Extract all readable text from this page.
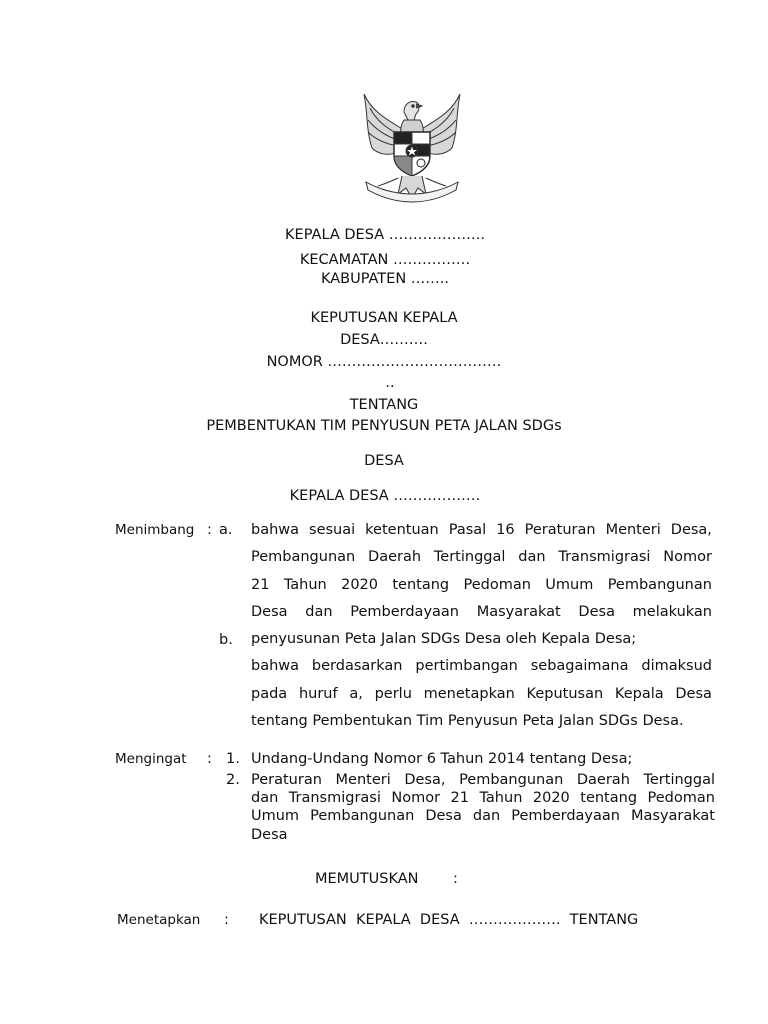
KEPALA DESA ………………..
KECAMATAN …………….
KABUPATEN ……..
KEPUTUSAN KEPALA
DESA……….
NOMOR ………………………………
..
TENTANG
PEMBENTUKAN TIM PENYUSUN PETA JALAN SDGs
DESA
KEPALA DESA ………………
Menimbang : a.
b.
bahwa sesuai ketentuan Pasal 16 Peraturan Menteri Desa,
Pembangunan Daerah Tertinggal dan Transmigrasi Nomor
21 Tahun 2020 tentang Pedoman Umum Pembangunan
Desa dan Pemberdayaan Masyarakat Desa melakukan
penyusunan Peta Jalan SDGs Desa oleh Kepala Desa;
bahwa berdasarkan pertimbangan sebagaimana dimaksud
pada huruf a, perlu menetapkan Keputusan Kepala Desa
tentang Pembentukan Tim Penyusun Peta Jalan SDGs Desa.
Mengingat : 1. Undang-Undang Nomor 6 Tahun 2014 tentang Desa;
2. Peraturan Menteri Desa, Pembangunan Daerah Tertinggal
dan Transmigrasi Nomor 21 Tahun 2020 tentang Pedoman
Umum Pembangunan Desa dan Pemberdayaan Masyarakat
Desa
MEMUTUSKAN :
Menetapkan : KEPUTUSAN  KEPALA  DESA  ……………….  TENTANG
